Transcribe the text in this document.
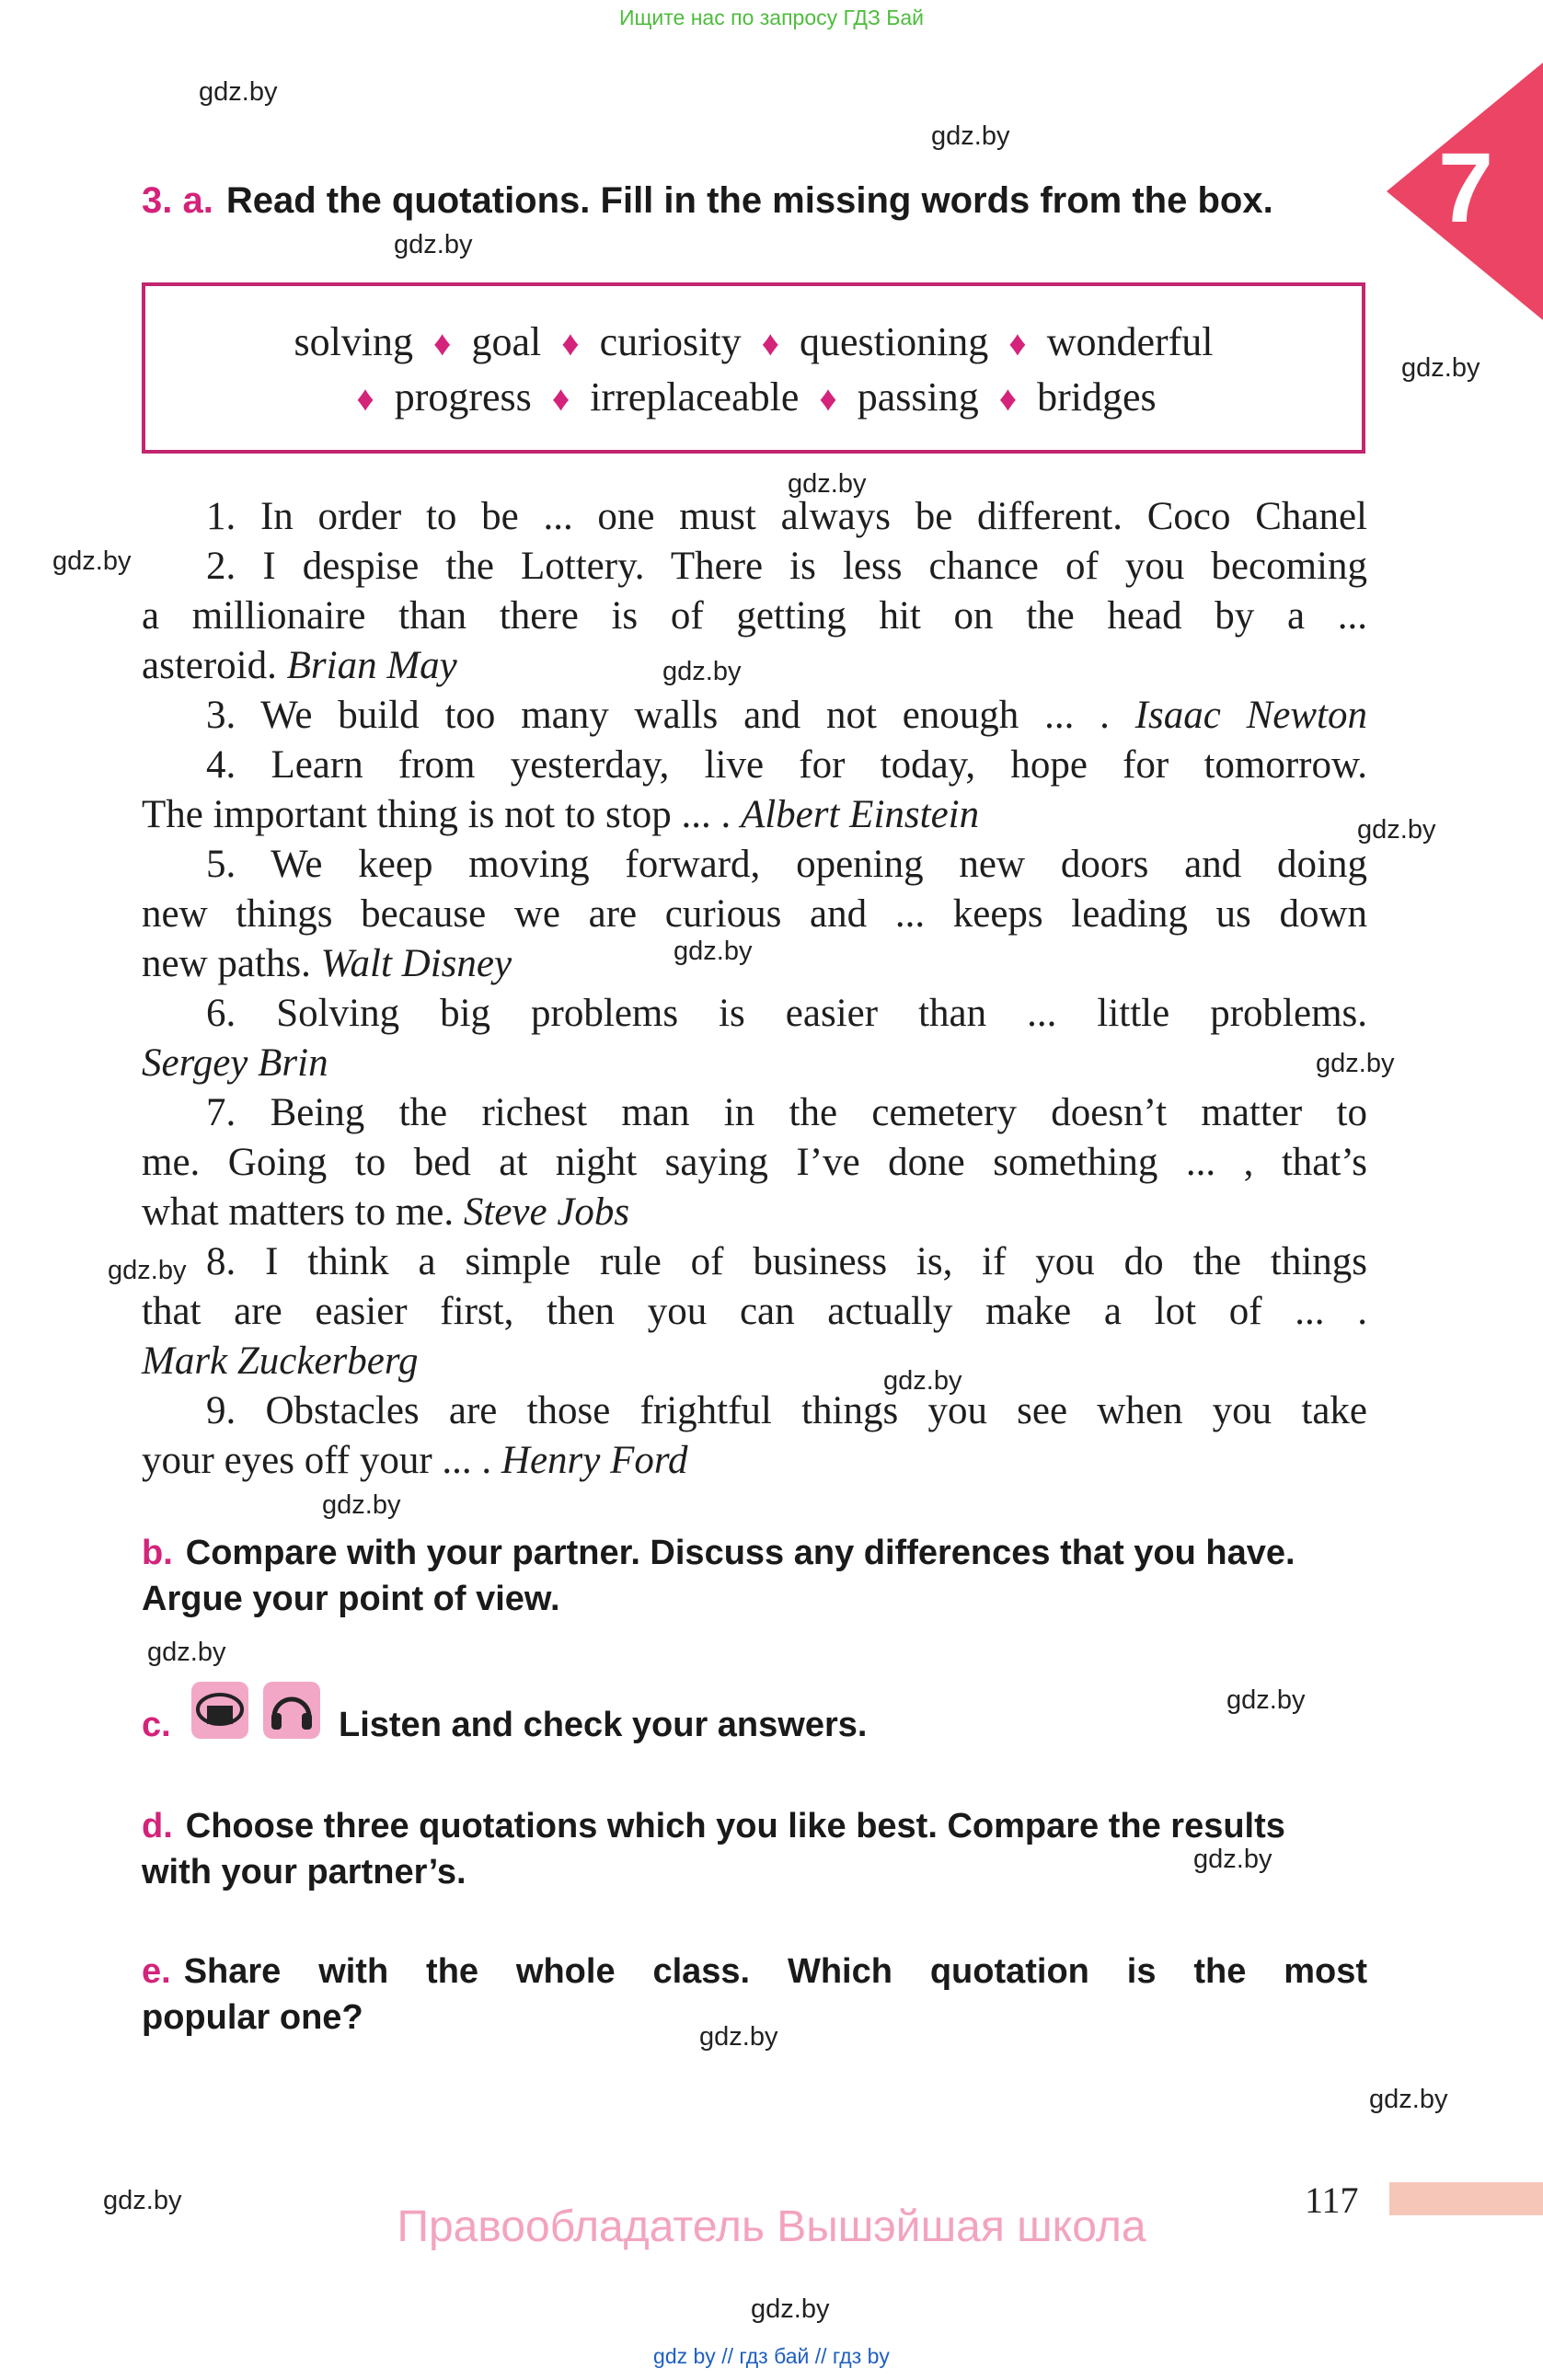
Ищите нас по запросу ГДЗ Бай
7
gdz.by
gdz.by
gdz.by
gdz.by
gdz.by
gdz.by
gdz.by
gdz.by
gdz.by
gdz.by
gdz.by
gdz.by
gdz.by
gdz.by
gdz.by
gdz.by
gdz.by
gdz.by
gdz.by
gdz.by
3. a. Read the quotations. Fill in the missing words from the box.
solving ♦ goal ♦ curiosity ♦ questioning ♦ wonderful
♦ progress ♦ irreplaceable ♦ passing ♦ bridges
1. In order to be ... one must always be different. Coco Chanel
2. I despise the Lottery. There is less chance of you becoming
a millionaire than there is of getting hit on the head by a ...
asteroid. Brian May
3. We build too many walls and not enough ... . Isaac Newton
4. Learn from yesterday, live for today, hope for tomorrow.
The important thing is not to stop ... . Albert Einstein
5. We keep moving forward, opening new doors and doing
new things because we are curious and ... keeps leading us down
new paths. Walt Disney
6. Solving big problems is easier than ... little problems.
Sergey Brin
7. Being the richest man in the cemetery doesn’t matter to
me. Going to bed at night saying I’ve done something ... , that’s
what matters to me. Steve Jobs
8. I think a simple rule of business is, if you do the things
that are easier first, then you can actually make a lot of ... .
Mark Zuckerberg
9. Obstacles are those frightful things you see when you take
your eyes off your ... . Henry Ford
b. Compare with your partner. Discuss any differences that you have.
Argue your point of view.
c.	Listen and check your answers.
d. Choose three quotations which you like best. Compare the results
with your partner’s.
e. Share with the whole class. Which quotation is the most
popular one?
117
Правообладатель Вышэйшая школа
gdz by // гдз бай // гдз by
